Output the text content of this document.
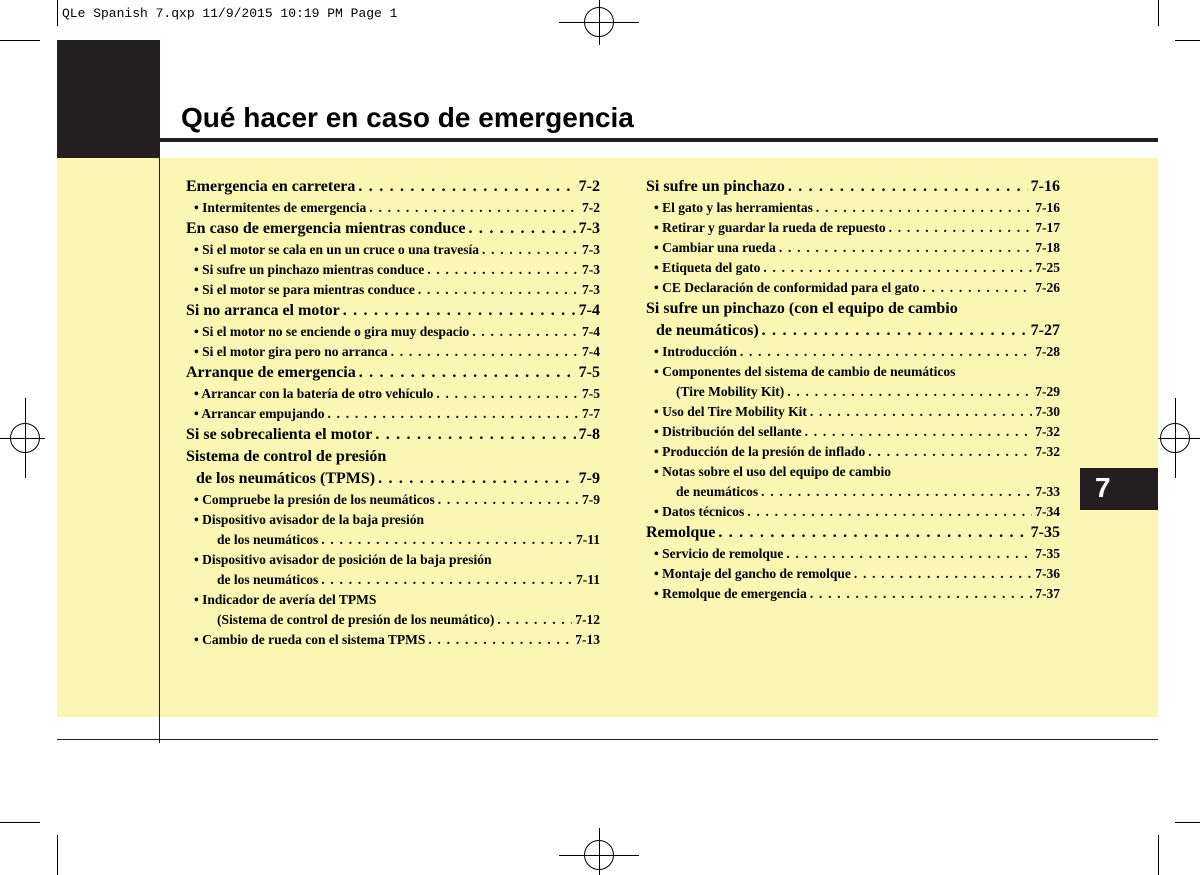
QLe Spanish 7.qxp 11/9/2015 10:19 PM Page 1
Qué hacer en caso de emergencia
7
Emergencia en carretera . . .	7-2
• Intermitentes de emergencia . . .	7-2
En caso de emergencia mientras conduce . . .	7-3
• Si el motor se cala en un un cruce o una travesía . . .	7-3
• Si sufre un pinchazo mientras conduce . . .	7-3
• Si el motor se para mientras conduce . . .	7-3
Si no arranca el motor . . .	7-4
• Si el motor no se enciende o gira muy despacio . . .	7-4
• Si el motor gira pero no arranca . . .	7-4
Arranque de emergencia . . .	7-5
• Arrancar con la batería de otro vehículo . . .	7-5
• Arrancar empujando . . .	7-7
Si se sobrecalienta el motor . . .	7-8
Sistema de control de presión
de los neumáticos (TPMS) . . .	7-9
• Compruebe la presión de los neumáticos . . .	7-9
• Dispositivo avisador de la baja presión
de los neumáticos . . .	7-11
• Dispositivo avisador de posición de la baja presión
de los neumáticos . . .	7-11
• Indicador de avería del TPMS
(Sistema de control de presión de los neumático) . . .	7-12
• Cambio de rueda con el sistema TPMS . . .	7-13
Si sufre un pinchazo . . .	7-16
• El gato y las herramientas . . .	7-16
• Retirar y guardar la rueda de repuesto . . .	7-17
• Cambiar una rueda . . .	7-18
• Etiqueta del gato . . .	7-25
• CE Declaración de conformidad para el gato . . .	7-26
Si sufre un pinchazo (con el equipo de cambio
de neumáticos) . . .	7-27
• Introducción . . .	7-28
• Componentes del sistema de cambio de neumáticos
(Tire Mobility Kit) . . .	7-29
• Uso del Tire Mobility Kit . . .	7-30
• Distribución del sellante . . .	7-32
• Producción de la presión de inflado . . .	7-32
• Notas sobre el uso del equipo de cambio
de neumáticos . . .	7-33
• Datos técnicos . . .	7-34
Remolque . . .	7-35
• Servicio de remolque . . .	7-35
• Montaje del gancho de remolque . . .	7-36
• Remolque de emergencia . . .	7-37
